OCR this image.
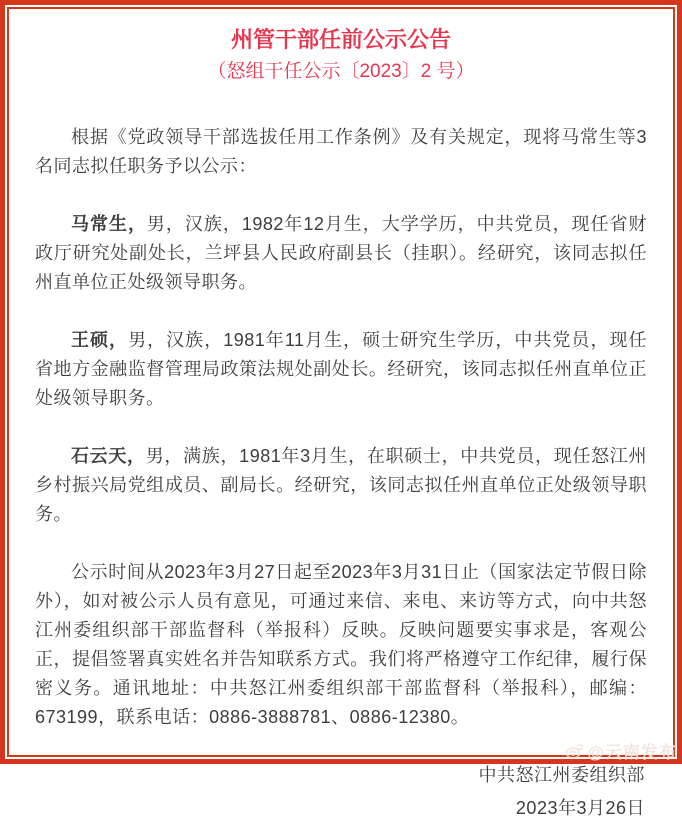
州管干部任前公示公告
（怒组干任公示〔2023〕2 号）

根据《党政领导干部选拔任用工作条例》及有关规定，现将马常生等3名同志拟任职务予以公示：

马常生，男，汉族，1982年12月生，大学学历，中共党员，现任省财政厅研究处副处长，兰坪县人民政府副县长（挂职）。经研究，该同志拟任州直单位正处级领导职务。

王硕，男，汉族，1981年11月生，硕士研究生学历，中共党员，现任省地方金融监督管理局政策法规处副处长。经研究，该同志拟任州直单位正处级领导职务。

石云天，男，满族，1981年3月生，在职硕士，中共党员，现任怒江州乡村振兴局党组成员、副局长。经研究，该同志拟任州直单位正处级领导职务。

公示时间从2023年3月27日起至2023年3月31日止（国家法定节假日除外），如对被公示人员有意见，可通过来信、来电、来访等方式，向中共怒江州委组织部干部监督科（举报科）反映。反映问题要实事求是，客观公正，提倡签署真实姓名并告知联系方式。我们将严格遵守工作纪律，履行保密义务。通讯地址：中共怒江州委组织部干部监督科（举报科），邮编：673199，联系电话：0886-3888781、0886-12380。

中共怒江州委组织部
2023年3月26日
@云南发布
